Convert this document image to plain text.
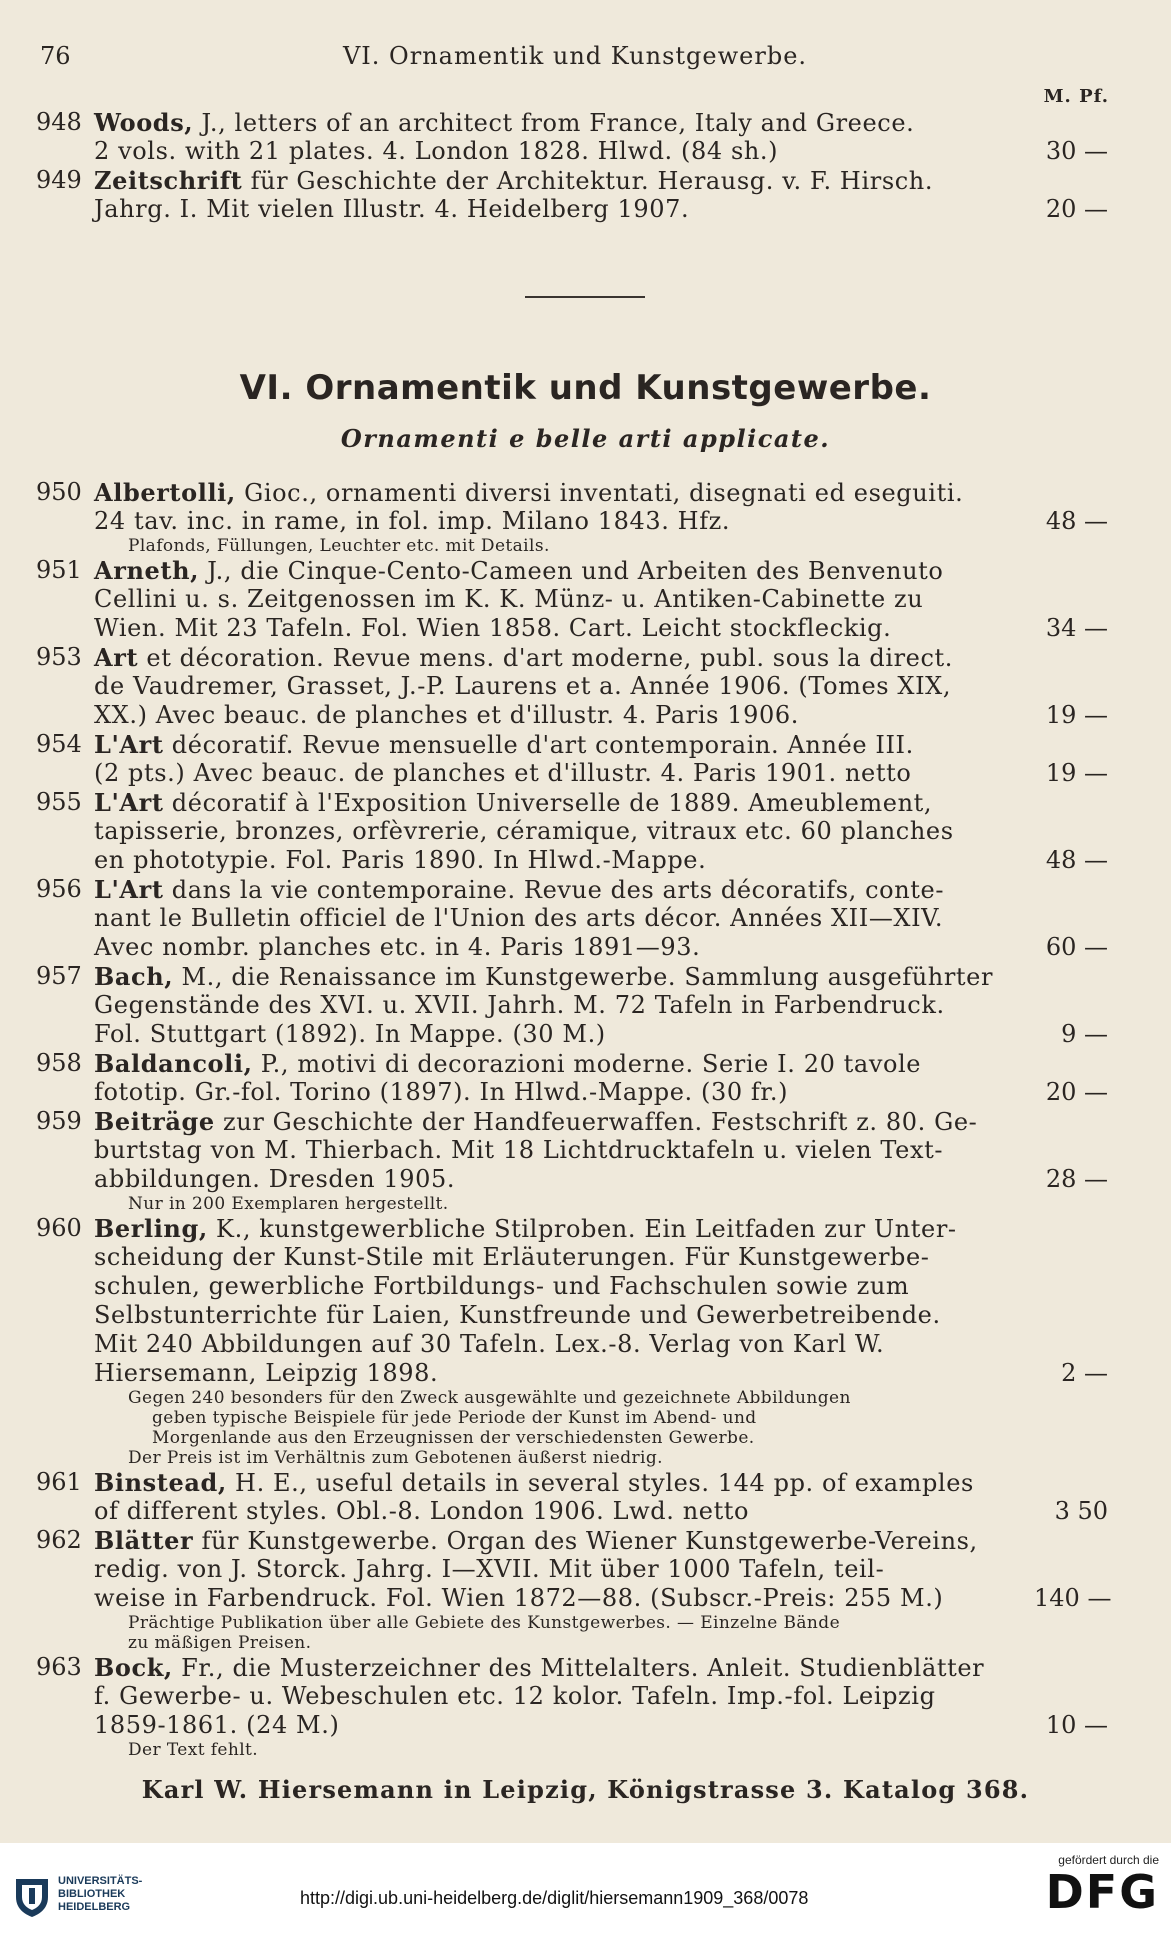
76	VI. Ornamentik und Kunstgewerbe.
M. Pf.
948 Woods, J., letters of an architect from France, Italy and Greece.
2 vols. with 21 plates. 4. London 1828. Hlwd. (84 sh.)	30 —
949 Zeitschrift für Geschichte der Architektur. Herausg. v. F. Hirsch.
Jahrg. I. Mit vielen Illustr. 4. Heidelberg 1907.	20 —
VI. Ornamentik und Kunstgewerbe.
Ornamenti e belle arti applicate.
950 Albertolli, Gioc., ornamenti diversi inventati, disegnati ed eseguiti.
24 tav. inc. in rame, in fol. imp. Milano 1843. Hfz.	48 —
Plafonds, Füllungen, Leuchter etc. mit Details.
951 Arneth, J., die Cinque-Cento-Cameen und Arbeiten des Benvenuto
Cellini u. s. Zeitgenossen im K. K. Münz- u. Antiken-Cabinette zu
Wien. Mit 23 Tafeln. Fol. Wien 1858. Cart. Leicht stockfleckig.	34 —
953 Art et décoration. Revue mens. d'art moderne, publ. sous la direct.
de Vaudremer, Grasset, J.-P. Laurens et a. Année 1906. (Tomes XIX,
XX.) Avec beauc. de planches et d'illustr. 4. Paris 1906.	19 —
954 L'Art décoratif. Revue mensuelle d'art contemporain. Année III.
(2 pts.) Avec beauc. de planches et d'illustr. 4. Paris 1901. netto	19 —
955 L'Art décoratif à l'Exposition Universelle de 1889. Ameublement,
tapisserie, bronzes, orfèvrerie, céramique, vitraux etc. 60 planches
en phototypie. Fol. Paris 1890. In Hlwd.-Mappe.	48 —
956 L'Art dans la vie contemporaine. Revue des arts décoratifs, conte-
nant le Bulletin officiel de l'Union des arts décor. Années XII—XIV.
Avec nombr. planches etc. in 4. Paris 1891—93.	60 —
957 Bach, M., die Renaissance im Kunstgewerbe. Sammlung ausgeführter
Gegenstände des XVI. u. XVII. Jahrh. M. 72 Tafeln in Farbendruck.
Fol. Stuttgart (1892). In Mappe. (30 M.)	9 —
958 Baldancoli, P., motivi di decorazioni moderne. Serie I. 20 tavole
fototip. Gr.-fol. Torino (1897). In Hlwd.-Mappe. (30 fr.)	20 —
959 Beiträge zur Geschichte der Handfeuerwaffen. Festschrift z. 80. Ge-
burtstag von M. Thierbach. Mit 18 Lichtdrucktafeln u. vielen Text-
abbildungen. Dresden 1905.	28 —
Nur in 200 Exemplaren hergestellt.
960 Berling, K., kunstgewerbliche Stilproben. Ein Leitfaden zur Unter-
scheidung der Kunst-Stile mit Erläuterungen. Für Kunstgewerbe-
schulen, gewerbliche Fortbildungs- und Fachschulen sowie zum
Selbstunterrichte für Laien, Kunstfreunde und Gewerbetreibende.
Mit 240 Abbildungen auf 30 Tafeln. Lex.-8. Verlag von Karl W.
Hiersemann, Leipzig 1898.	2 —
Gegen 240 besonders für den Zweck ausgewählte und gezeichnete Abbildungen
geben typische Beispiele für jede Periode der Kunst im Abend- und
Morgenlande aus den Erzeugnissen der verschiedensten Gewerbe.
Der Preis ist im Verhältnis zum Gebotenen äußerst niedrig.
961 Binstead, H. E., useful details in several styles. 144 pp. of examples
of different styles. Obl.-8. London 1906. Lwd. netto	3 50
962 Blätter für Kunstgewerbe. Organ des Wiener Kunstgewerbe-Vereins,
redig. von J. Storck. Jahrg. I—XVII. Mit über 1000 Tafeln, teil-
weise in Farbendruck. Fol. Wien 1872—88. (Subscr.-Preis: 255 M.)	140 —
Prächtige Publikation über alle Gebiete des Kunstgewerbes. — Einzelne Bände
zu mäßigen Preisen.
963 Bock, Fr., die Musterzeichner des Mittelalters. Anleit. Studienblätter
f. Gewerbe- u. Webeschulen etc. 12 kolor. Tafeln. Imp.-fol. Leipzig
1859-1861. (24 M.)	10 —
Der Text fehlt.
Karl W. Hiersemann in Leipzig, Königstrasse 3. Katalog 368.
UNIVERSITÄTS-
BIBLIOTHEK
HEIDELBERG	http://digi.ub.uni-heidelberg.de/diglit/hiersemann1909_368/0078
gefördert durch die
DFG
